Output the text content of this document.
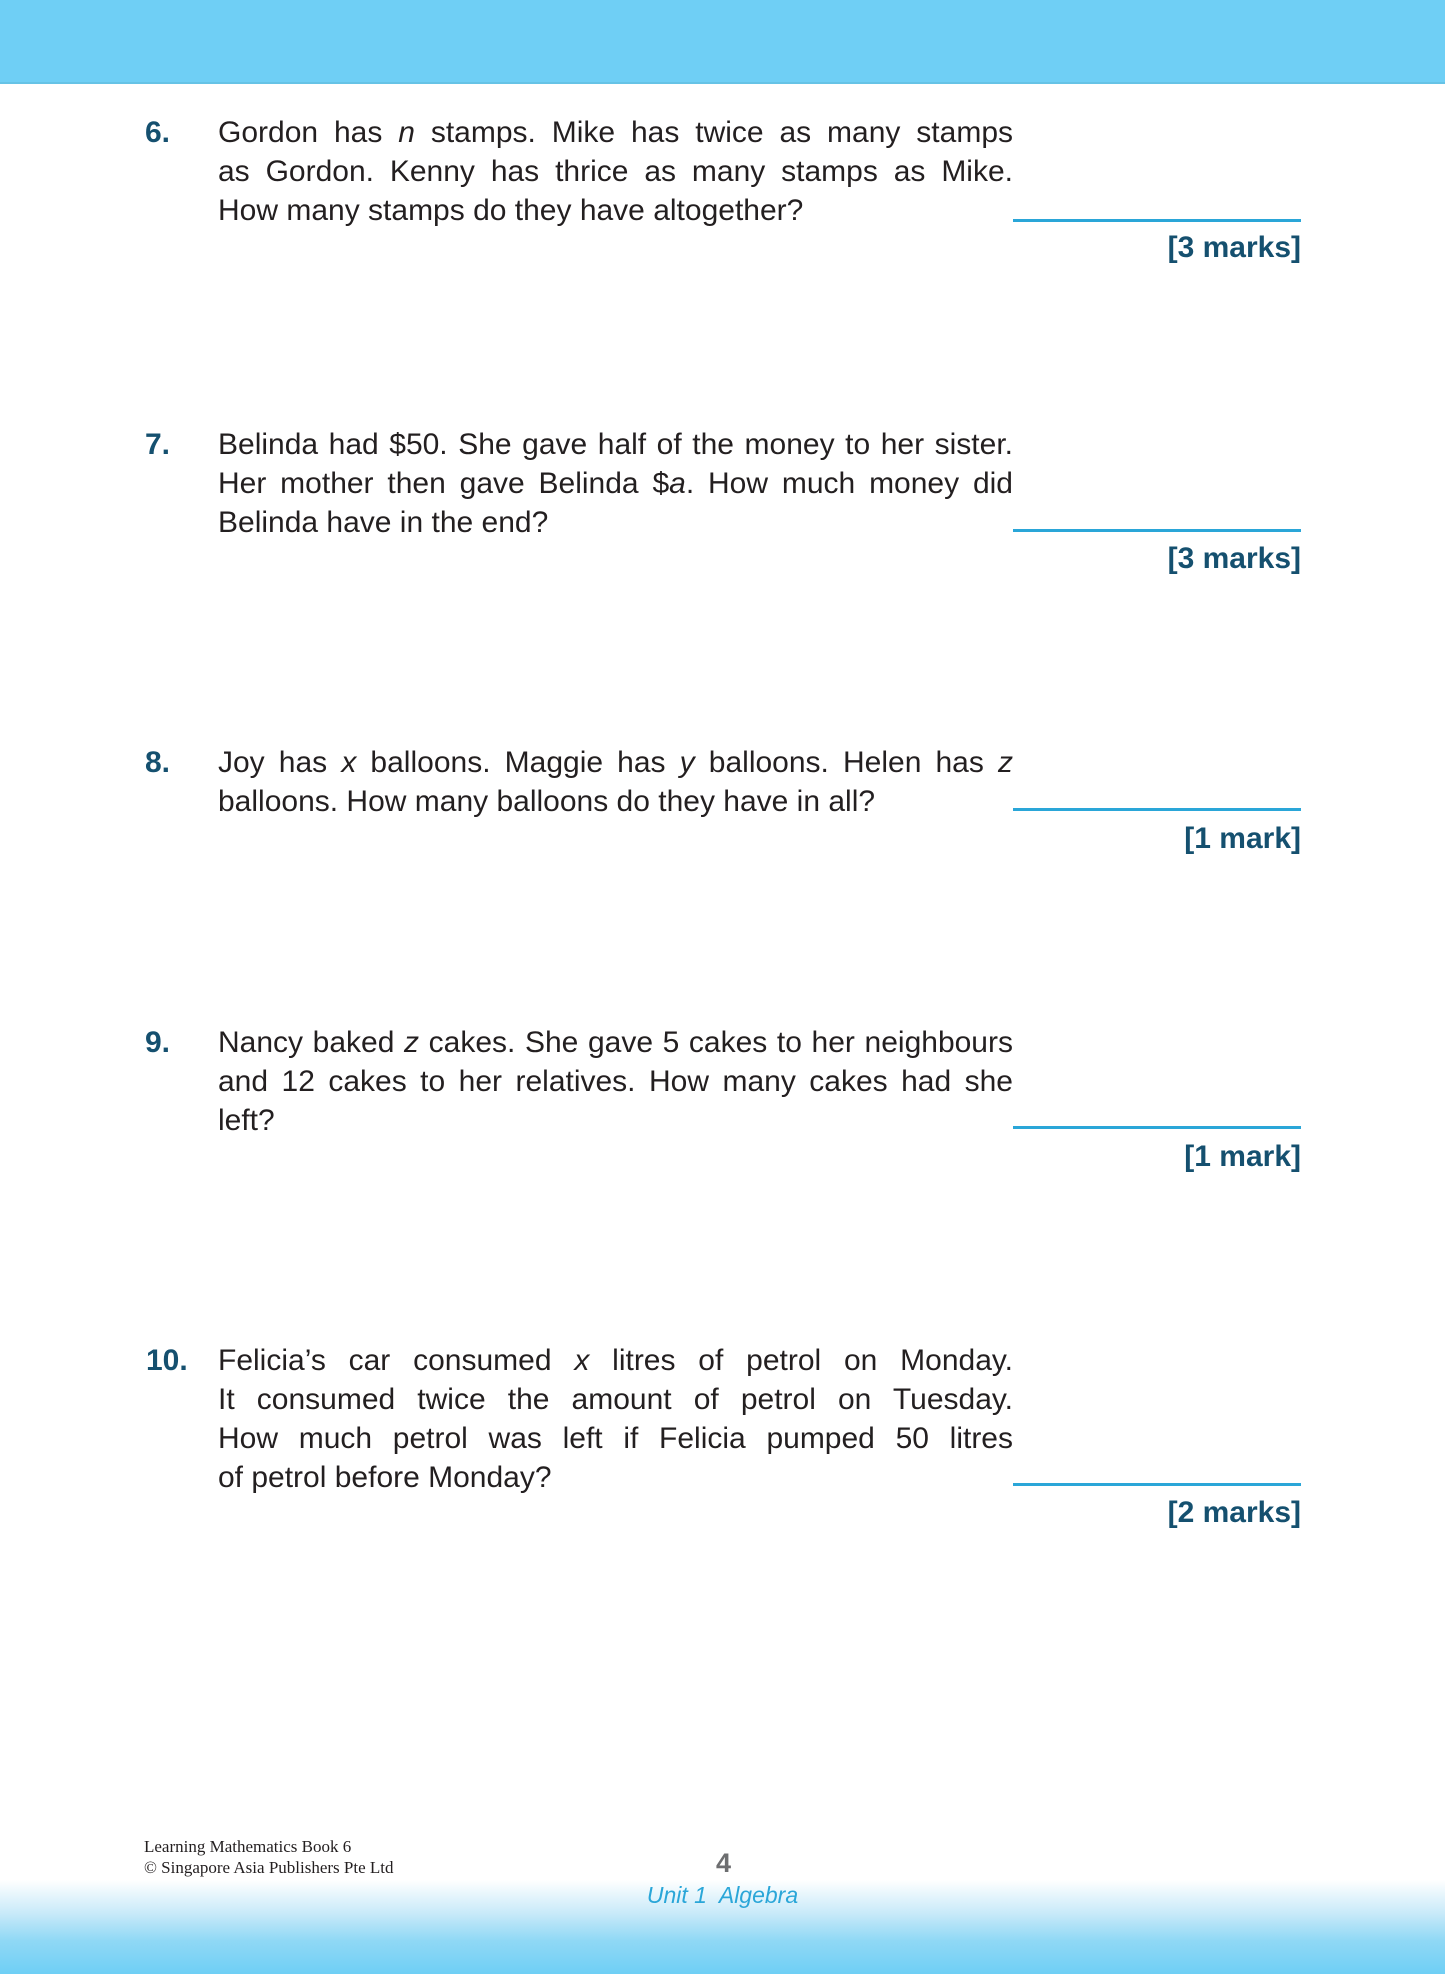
6. Gordon has n stamps. Mike has twice as many stamps
as Gordon. Kenny has thrice as many stamps as Mike.
How many stamps do they have altogether?
[3 marks]
7. Belinda had $50. She gave half of the money to her sister.
Her mother then gave Belinda $a. How much money did
Belinda have in the end?
[3 marks]
8. Joy has x balloons. Maggie has y balloons. Helen has z
balloons. How many balloons do they have in all?
[1 mark]
9. Nancy baked z cakes. She gave 5 cakes to her neighbours
and 12 cakes to her relatives. How many cakes had she
left?
[1 mark]
10. Felicia’s car consumed x litres of petrol on Monday.
It consumed twice the amount of petrol on Tuesday.
How much petrol was left if Felicia pumped 50 litres
of petrol before Monday?
[2 marks]
Learning Mathematics Book 6
© Singapore Asia Publishers Pte Ltd	4
Unit 1  Algebra
